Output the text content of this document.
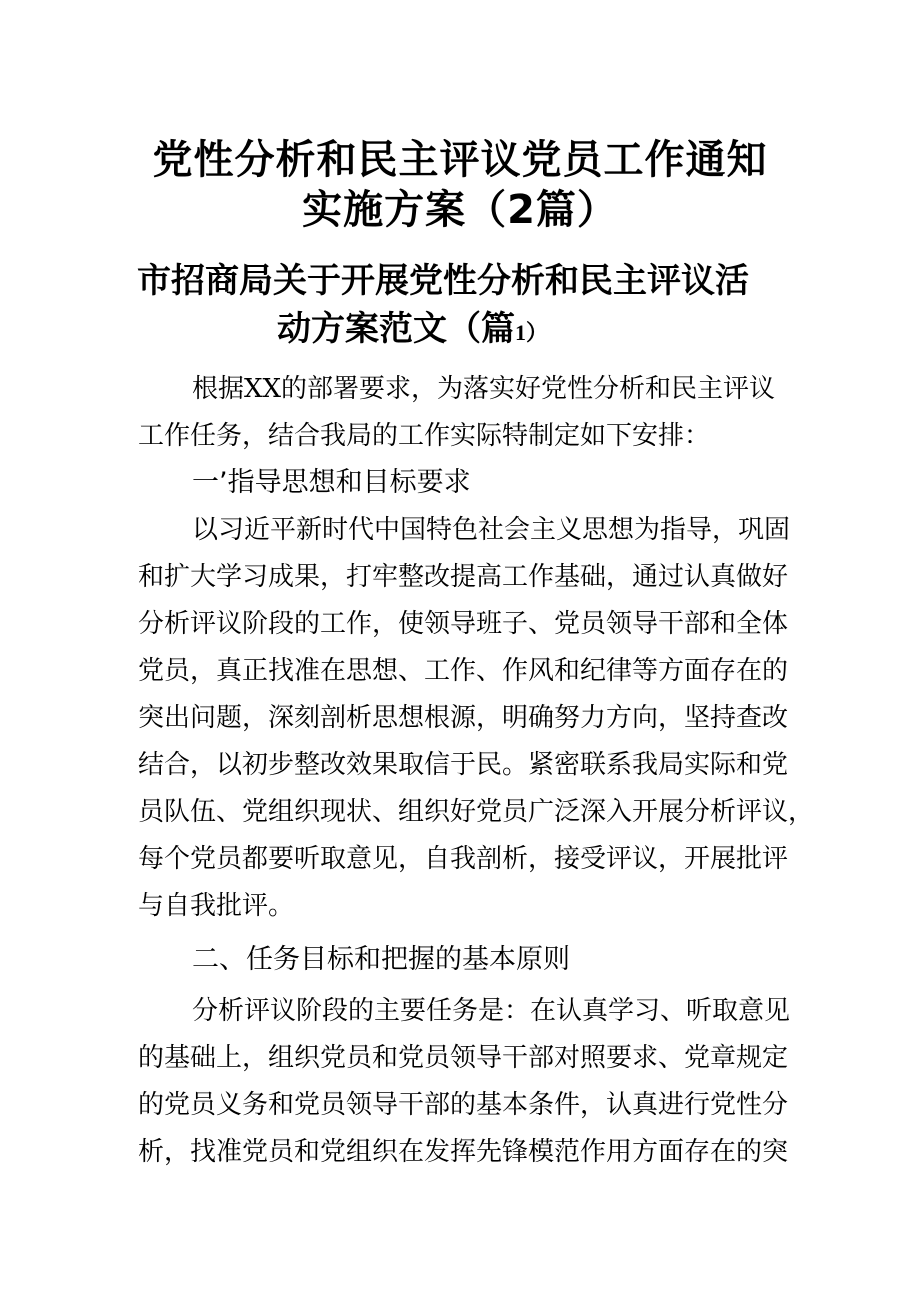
党性分析和民主评议党员工作通知
实施方案（2篇）
市招商局关于开展党性分析和民主评议活
动方案范文（篇1）

根据XX的部署要求，为落实好党性分析和民主评议

工作任务，结合我局的工作实际特制定如下安排：

一’指导思想和目标要求

以习近平新时代中国特色社会主义思想为指导，巩固

和扩大学习成果，打牢整改提高工作基础，通过认真做好

分析评议阶段的工作，使领导班子、党员领导干部和全体

党员，真正找准在思想、工作、作风和纪律等方面存在的

突出问题，深刻剖析思想根源，明确努力方向，坚持查改

结合，以初步整改效果取信于民。紧密联系我局实际和党

员队伍、党组织现状、组织好党员广泛深入开展分析评议，

每个党员都要听取意见，自我剖析，接受评议，开展批评

与自我批评。

二、任务目标和把握的基本原则

分析评议阶段的主要任务是：在认真学习、听取意见

的基础上，组织党员和党员领导干部对照要求、党章规定

的党员义务和党员领导干部的基本条件，认真进行党性分

析，找准党员和党组织在发挥先锋模范作用方面存在的突
